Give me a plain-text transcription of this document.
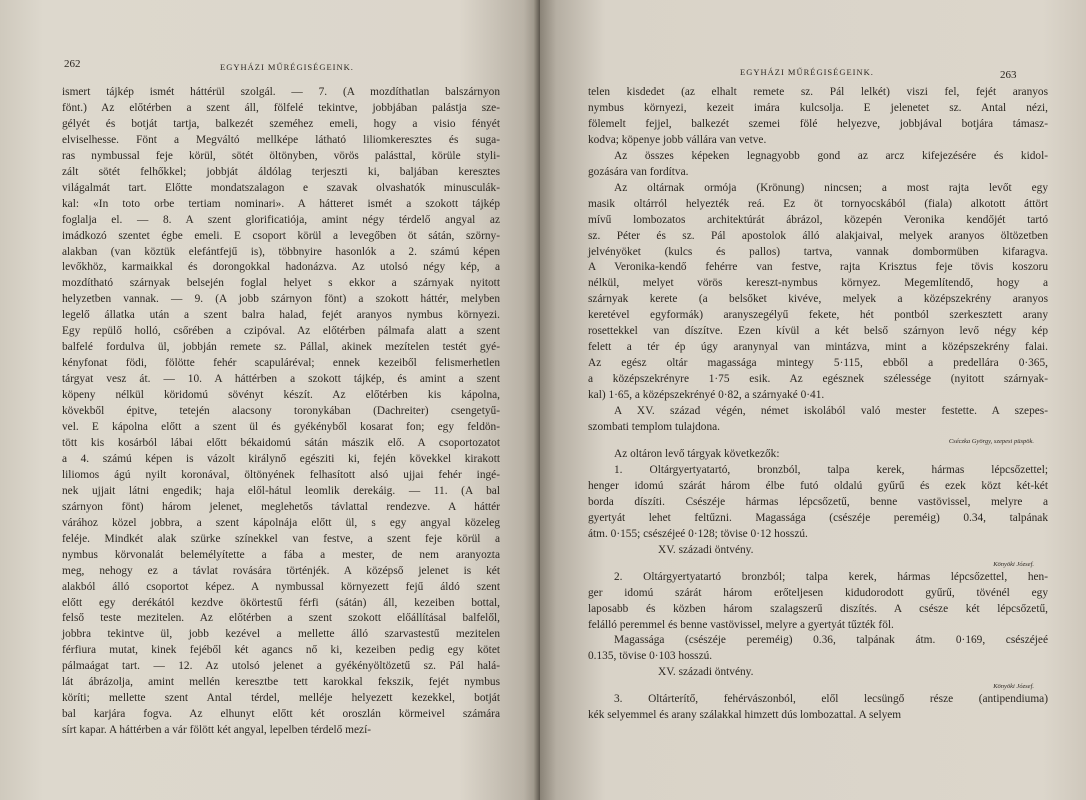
262	EGYHÁZI MŰRÉGISÉGEINK.

ismert tájkép ismét háttérül szolgál. — 7. (A mozdíthatlan balszárnyon

fönt.) Az előtérben a szent áll, fölfelé tekintve, jobbjában palástja sze-

gélyét és botját tartja, balkezét szeméhez emeli, hogy a visio fényét

elviselhesse. Fönt a Megváltó mellképe látható liliomkeresztes és suga-

ras nymbussal feje körül, sötét öltönyben, vörös palásttal, körüle styli-

zált sötét felhőkkel; jobbját áldólag terjeszti ki, baljában keresztes

világalmát tart. Előtte mondatszalagon e szavak olvashatók minusculák-

kal: «In toto orbe tertiam nominari». A hátteret ismét a szokott tájkép

foglalja el. — 8. A szent glorificatiója, amint négy térdelő angyal az

imádkozó szentet égbe emeli. E csoport körül a levegőben öt sátán, szörny-

alakban (van köztük elefántfejű is), többnyire hasonlók a 2. számú képen

levőkhöz, karmaikkal és dorongokkal hadonázva. Az utolsó négy kép, a

mozdítható szárnyak belsején foglal helyet s ekkor a szárnyak nyitott

helyzetben vannak. — 9. (A jobb szárnyon fönt) a szokott háttér, melyben

legelő állatka után a szent balra halad, fejét aranyos nymbus környezi.

Egy repülő holló, csőrében a czipóval. Az előtérben pálmafa alatt a szent

balfelé fordulva ül, jobbján remete sz. Pállal, akinek mezítelen testét gyé-

kényfonat födi, fölötte fehér scapuláréval; ennek kezeiből felismerhetlen

tárgyat vesz át. — 10. A háttérben a szokott tájkép, és amint a szent

köpeny nélkül köridomú sövényt készít. Az előtérben kis kápolna,

kövekből épitve, tetején alacsony toronykában (Dachreiter) csengetyű-

vel. E kápolna előtt a szent ül és gyékényből kosarat fon; egy feldön-

tött kis kosárból lábai előtt békaidomú sátán mászik elő. A csoportozatot

a 4. számú képen is vázolt királynő egésziti ki, fején kövekkel kirakott

liliomos ágú nyilt koronával, öltönyének felhasított alsó ujjai fehér ingé-

nek ujjait látni engedik; haja elől-hátul leomlik derekáig. — 11. (A bal

szárnyon fönt) három jelenet, meglehetős távlattal rendezve. A háttér

várához közel jobbra, a szent kápolnája előtt ül, s egy angyal közeleg

feléje. Mindkét alak szürke színekkel van festve, a szent feje körül a

nymbus körvonalát belemélyítette a fába a mester, de nem aranyozta

meg, nehogy ez a távlat rovására történjék. A középső jelenet is két

alakból álló csoportot képez. A nymbussal környezett fejű áldó szent

előtt egy derékától kezdve ökörtestű férfi (sátán) áll, kezeiben bottal,

felső teste mezitelen. Az előtérben a szent szokott előállításal balfelől,

jobbra tekintve ül, jobb kezével a mellette álló szarvastestű mezitelen

férfiura mutat, kinek fejéből két agancs nő ki, kezeiben pedig egy kötet

pálmaágat tart. — 12. Az utolsó jelenet a gyékényöltözetű sz. Pál halá-

lát ábrázolja, amint mellén keresztbe tett karokkal fekszik, fejét nymbus

köríti; mellette szent Antal térdel, melléje helyezett kezekkel, botját

bal karjára fogva. Az elhunyt előtt két oroszlán körmeivel számára

sírt kapar. A háttérben a vár fölött két angyal, lepelben térdelő mezí-

EGYHÁZI MŰRÉGISÉGEINK.	263

telen kisdedet (az elhalt remete sz. Pál lelkét) viszi fel, fejét aranyos

nymbus környezi, kezeit imára kulcsolja. E jelenetet sz. Antal nézi,

fölemelt fejjel, balkezét szemei fölé helyezve, jobbjával botjára támasz-

kodva; köpenye jobb vállára van vetve.

Az összes képeken legnagyobb gond az arcz kifejezésére és kidol-

gozására van fordítva.

Az oltárnak ormója (Krönung) nincsen; a most rajta levőt egy

masik oltárról helyezték reá. Ez öt tornyocskából (fiala) alkotott áttört

mívű lombozatos architektúrát ábrázol, közepén Veronika kendőjét tartó

sz. Péter és sz. Pál apostolok álló alakjaival, melyek aranyos öltözetben

jelvényöket (kulcs és pallos) tartva, vannak dombormüben kifaragva.

A Veronika-kendő fehérre van festve, rajta Krisztus feje tövis koszoru

nélkül, melyet vörös kereszt-nymbus környez. Megemlítendő, hogy a

szárnyak kerete (a belsőket kivéve, melyek a középszekrény aranyos

keretével egyformák) aranyszegélyű fekete, hét pontból szerkesztett arany

rosettekkel van díszítve. Ezen kívül a két belső szárnyon levő négy kép

felett a tér ép úgy aranynyal van mintázva, mint a középszekrény falai.

Az egész oltár magassága mintegy 5·115, ebből a predellára 0·365,

a középszekrényre 1·75 esik. Az egésznek szélessége (nyitott szárnyak-

kal) 1·65, a középszekrényé 0·82, a szárnyaké 0·41.

A XV. század végén, német iskolából való mester festette. A szepes-

szombati templom tulajdona.

Cséczka György, szepesi püspök.

Az oltáron levő tárgyak következők:

1. Oltárgyertyatartó, bronzból, talpa kerek, hármas lépcsőzettel;

henger idomú szárát három élbe futó oldalú gyűrű és ezek közt két-két

borda díszíti. Csészéje hármas lépcsőzetű, benne vastövissel, melyre a

gyertyát lehet feltűzni. Magassága (csészéje pereméig) 0.34, talpának

átm. 0·155; csészéjeé 0·128; tövise 0·12 hosszú.

XV. századi öntvény.

Könyöki József.

2. Oltárgyertyatartó bronzból; talpa kerek, hármas lépcsőzettel, hen-

ger idomú szárát három erőteljesen kidudorodott gyűrű, tövénél egy

laposabb és közben három szalagszerű diszítés. A csésze két lépcsőzetű,

felálló peremmel és benne vastövissel, melyre a gyertyát tűzték föl.

Magassága (csészéje pereméig) 0.36, talpának átm. 0·169, csészéjeé

0.135, tövise 0·103 hosszú.

XV. századi öntvény.

Könyöki József.

3. Oltárterítő, fehérvászonból, elől lecsüngő része (antipendiuma)

kék selyemmel és arany szálakkal himzett dús lombozattal. A selyem
